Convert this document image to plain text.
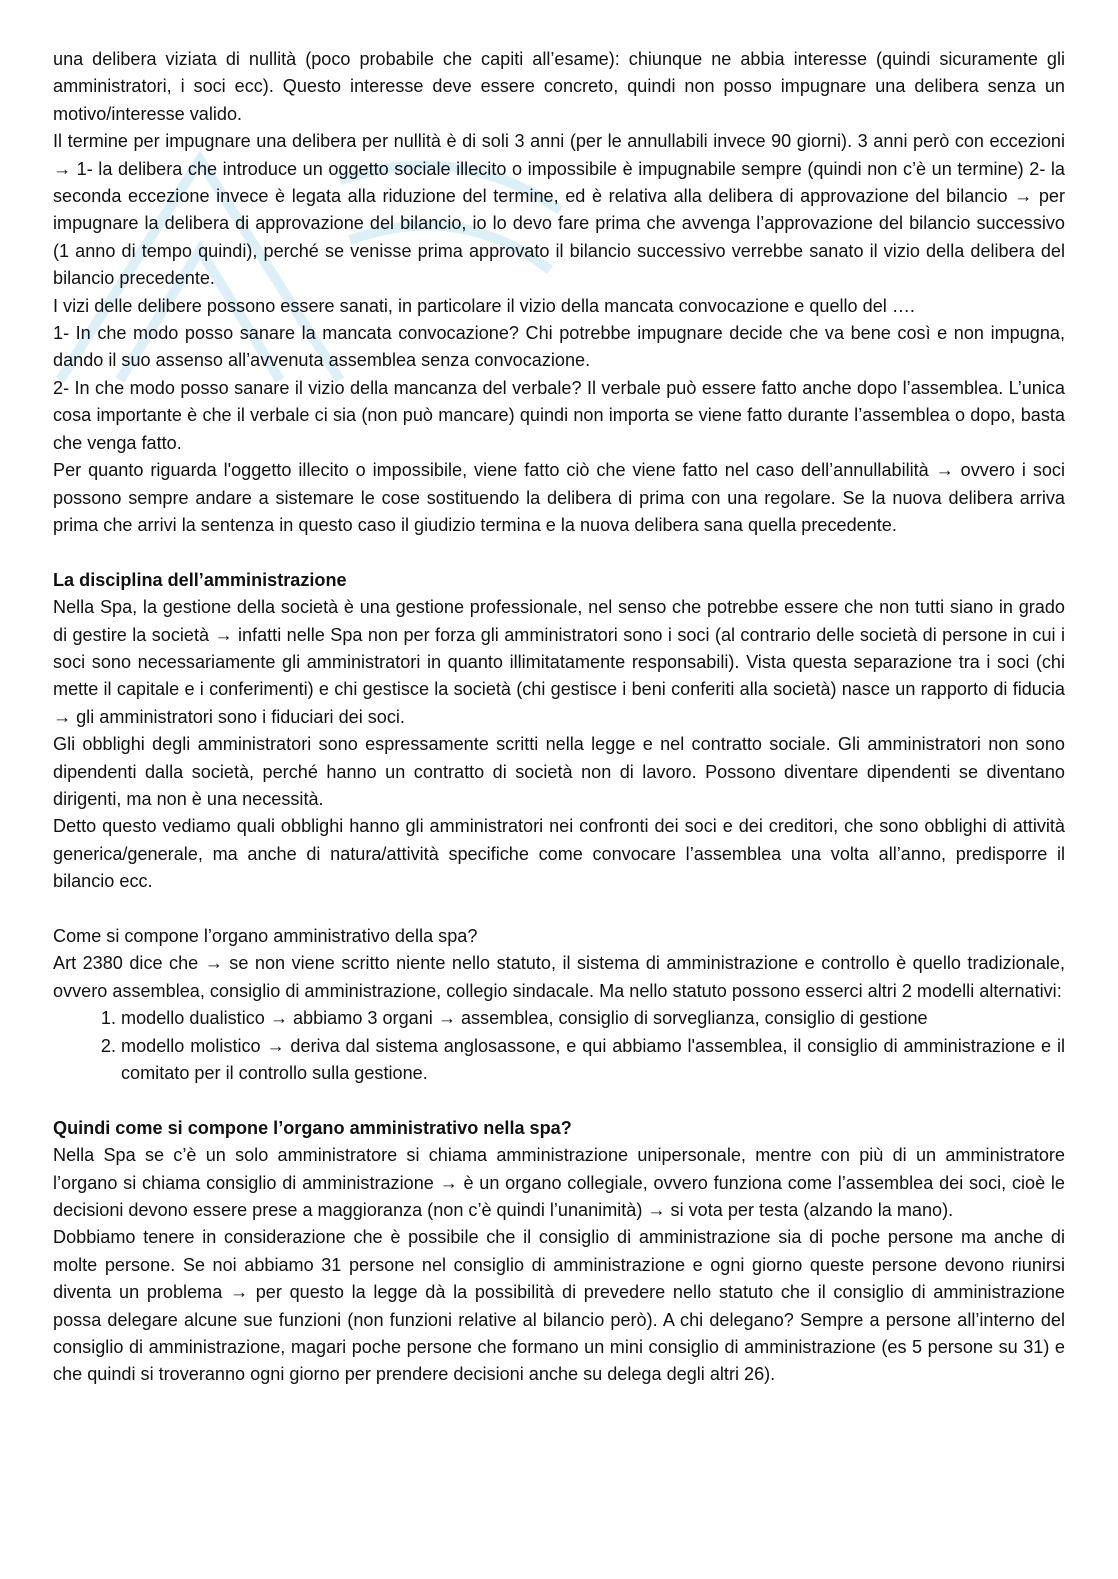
una delibera viziata di nullità (poco probabile che capiti all’esame): chiunque ne abbia interesse (quindi sicuramente gli amministratori, i soci ecc). Questo interesse deve essere concreto, quindi non posso impugnare una delibera senza un motivo/interesse valido.

Il termine per impugnare una delibera per nullità è di soli 3 anni (per le annullabili invece 90 giorni). 3 anni però con eccezioni → 1- la delibera che introduce un oggetto sociale illecito o impossibile è impugnabile sempre (quindi non c’è un termine) 2- la seconda eccezione invece è legata alla riduzione del termine, ed è relativa alla delibera di approvazione del bilancio → per impugnare la delibera di approvazione del bilancio, io lo devo fare prima che avvenga l’approvazione del bilancio successivo (1 anno di tempo quindi), perché se venisse prima approvato il bilancio successivo verrebbe sanato il vizio della delibera del bilancio precedente.

I vizi delle delibere possono essere sanati, in particolare il vizio della mancata convocazione e quello del ….

1- In che modo posso sanare la mancata convocazione? Chi potrebbe impugnare decide che va bene così e non impugna, dando il suo assenso all’avvenuta assemblea senza convocazione.

2- In che modo posso sanare il vizio della mancanza del verbale? Il verbale può essere fatto anche dopo l’assemblea. L’unica cosa importante è che il verbale ci sia (non può mancare) quindi non importa se viene fatto durante l’assemblea o dopo, basta che venga fatto.

Per quanto riguarda l'oggetto illecito o impossibile, viene fatto ciò che viene fatto nel caso dell’annullabilità → ovvero i soci possono sempre andare a sistemare le cose sostituendo la delibera di prima con una regolare. Se la nuova delibera arriva prima che arrivi la sentenza in questo caso il giudizio termina e la nuova delibera sana quella precedente.

La disciplina dell’amministrazione

Nella Spa, la gestione della società è una gestione professionale, nel senso che potrebbe essere che non tutti siano in grado di gestire la società → infatti nelle Spa non per forza gli amministratori sono i soci (al contrario delle società di persone in cui i soci sono necessariamente gli amministratori in quanto illimitatamente responsabili). Vista questa separazione tra i soci (chi mette il capitale e i conferimenti) e chi gestisce la società (chi gestisce i beni conferiti alla società) nasce un rapporto di fiducia → gli amministratori sono i fiduciari dei soci.

Gli obblighi degli amministratori sono espressamente scritti nella legge e nel contratto sociale. Gli amministratori non sono dipendenti dalla società, perché hanno un contratto di società non di lavoro. Possono diventare dipendenti se diventano dirigenti, ma non è una necessità.

Detto questo vediamo quali obblighi hanno gli amministratori nei confronti dei soci e dei creditori, che sono obblighi di attività generica/generale, ma anche di natura/attività specifiche come convocare l’assemblea una volta all’anno, predisporre il bilancio ecc.

Come si compone l’organo amministrativo della spa?

Art 2380 dice che → se non viene scritto niente nello statuto, il sistema di amministrazione e controllo è quello tradizionale, ovvero assemblea, consiglio di amministrazione, collegio sindacale. Ma nello statuto possono esserci altri 2 modelli alternativi:

1. modello dualistico → abbiamo 3 organi → assemblea, consiglio di sorveglianza, consiglio di gestione
2. modello molistico → deriva dal sistema anglosassone, e qui abbiamo l'assemblea, il consiglio di amministrazione e il comitato per il controllo sulla gestione.
Quindi come si compone l’organo amministrativo nella spa?

Nella Spa se c’è un solo amministratore si chiama amministrazione unipersonale, mentre con più di un amministratore l’organo si chiama consiglio di amministrazione → è un organo collegiale, ovvero funziona come l’assemblea dei soci, cioè le decisioni devono essere prese a maggioranza (non c’è quindi l’unanimità) → si vota per testa (alzando la mano).

Dobbiamo tenere in considerazione che è possibile che il consiglio di amministrazione sia di poche persone ma anche di molte persone. Se noi abbiamo 31 persone nel consiglio di amministrazione e ogni giorno queste persone devono riunirsi diventa un problema → per questo la legge dà la possibilità di prevedere nello statuto che il consiglio di amministrazione possa delegare alcune sue funzioni (non funzioni relative al bilancio però). A chi delegano? Sempre a persone all’interno del consiglio di amministrazione, magari poche persone che formano un mini consiglio di amministrazione (es 5 persone su 31) e che quindi si troveranno ogni giorno per prendere decisioni anche su delega degli altri 26).
